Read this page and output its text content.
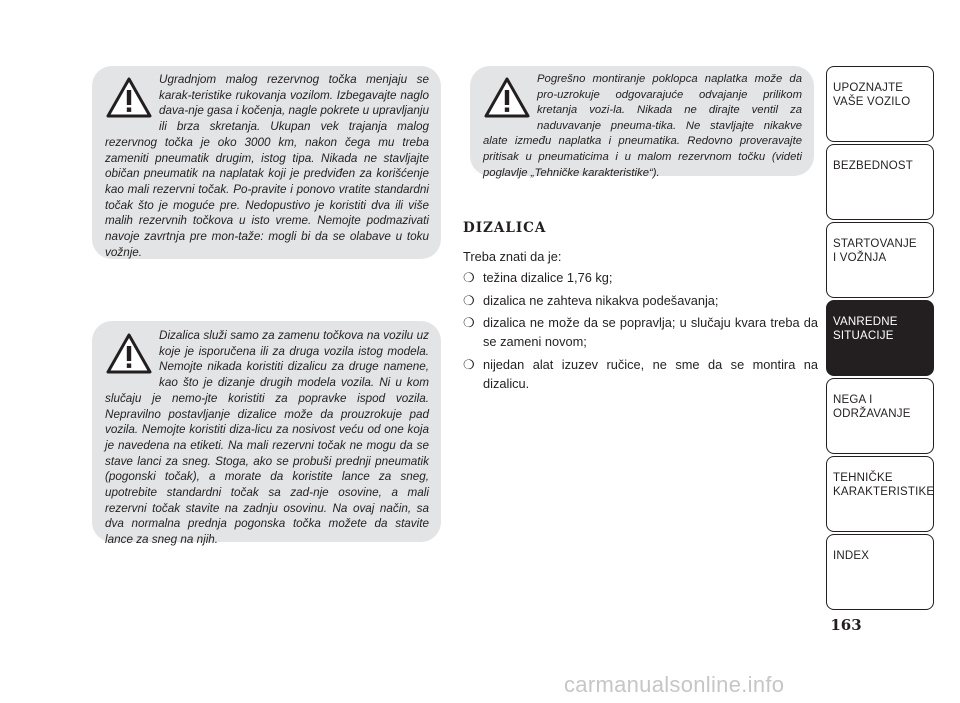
Ugradnjom malog rezervnog točka menjaju se karak-teristike rukovanja vozilom. Izbegavajte naglo dava-nje gasa i kočenja, nagle pokrete u upravljanju ili brza skretanja. Ukupan vek trajanja malog rezervnog točka je oko 3000 km, nakon čega mu treba zameniti pneumatik drugim, istog tipa. Nikada ne stavljajte običan pneumatik na naplatak koji je predviđen za korišćenje kao mali rezervni točak. Po-pravite i ponovo vratite standardni točak što je moguće pre. Nedopustivo je koristiti dva ili više malih rezervnih točkova u isto vreme. Nemojte podmazivati navoje zavrtnja pre mon-taže: mogli bi da se olabave u toku vožnje.

Dizalica služi samo za zamenu točkova na vozilu uz koje je isporučena ili za druga vozila istog modela. Nemojte nikada koristiti dizalicu za druge namene, kao što je dizanje drugih modela vozila. Ni u kom slučaju je nemo-jte koristiti za popravke ispod vozila. Nepravilno postavljanje dizalice može da prouzrokuje pad vozila. Nemojte koristiti diza-licu za nosivost veću od one koja je navedena na etiketi. Na mali rezervni točak ne mogu da se stave lanci za sneg. Stoga, ako se probuši prednji pneumatik (pogonski točak), a morate da koristite lance za sneg, upotrebite standardni točak sa zad-nje osovine, a mali rezervni točak stavite na zadnju osovinu. Na ovaj način, sa dva normalna prednja pogonska točka možete da stavite lance za sneg na njih.

Pogrešno montiranje poklopca naplatka može da pro-uzrokuje odgovarajuće odvajanje prilikom kretanja vozi-la. Nikada ne dirajte ventil za naduvavanje pneuma-tika. Ne stavljajte nikakve alate između naplatka i pneumatika. Redovno proveravajte pritisak u pneumaticima i u malom rezervnom točku (videti poglavlje „Tehničke karakteristike“).

DIZALICA

Treba znati da je:

❍ težina dizalice 1,76 kg;
❍ dizalica ne zahteva nikakva podešavanja;
❍ dizalica ne može da se popravlja; u slučaju kvara treba da se zameni novom;
❍ nijedan alat izuzev ručice, ne sme da se montira na dizalicu.
UPOZNAJTE
VAŠE VOZILO
BEZBEDNOST
STARTOVANJE
I VOŽNJA
VANREDNE
SITUACIJE
NEGA I
ODRŽAVANJE
TEHNIČKE
KARAKTERISTIKE
INDEX

163

carmanualsonline.info
